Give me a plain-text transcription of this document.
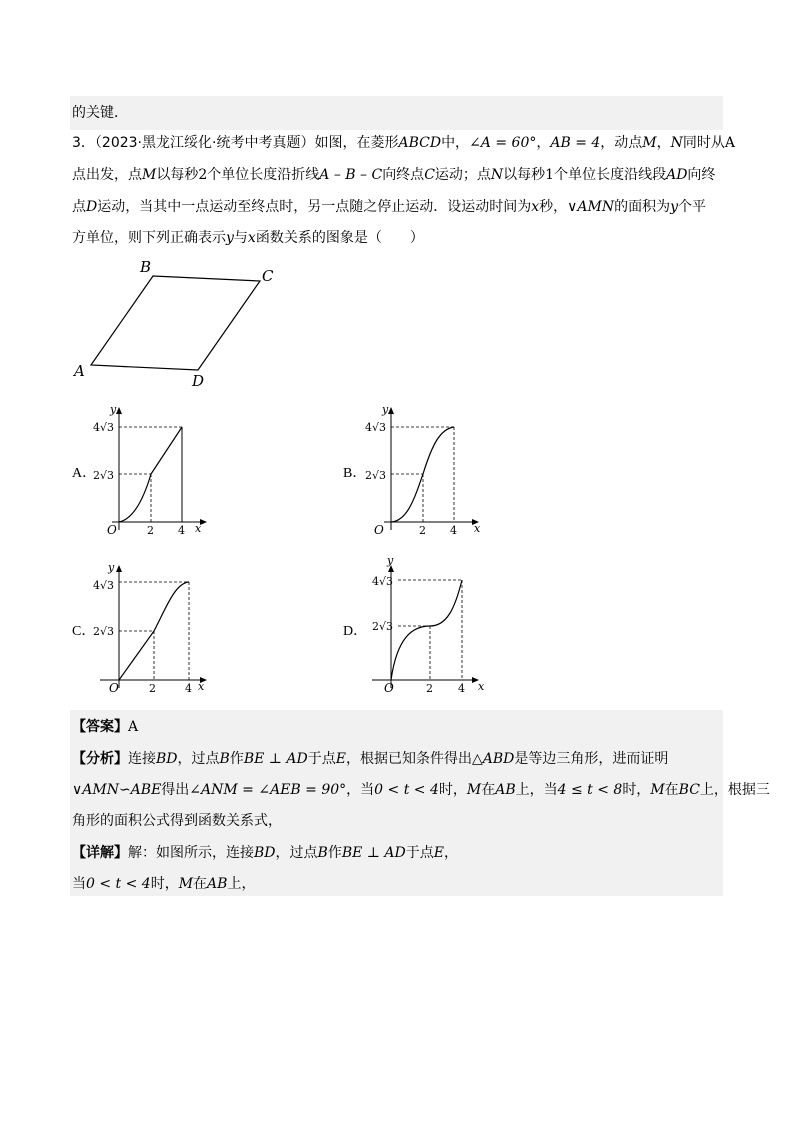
的关键．
3．（2023·黑龙江绥化·统考中考真题）如图，在菱形ABCD中，∠A = 60°，AB = 4，动点M，N同时从A
点出发，点M以每秒2个单位长度沿折线A – B – C向终点C运动；点N以每秒1个单位长度沿线段AD向终
点D运动，当其中一点运动至终点时，另一点随之停止运动．设运动时间为x秒，∨AMN的面积为y个平
方单位，则下列正确表示y与x函数关系的图象是（　　）
B	C
A
D
A．	B．
C．	D．
y
x
O
4√3
2√3
2 4
y
x
O
4√3
2√3
2 4
y
x
O
4√3
2√3
2	4
y
x
O
4√3
2√3
2 4
【答案】A
【分析】连接BD，过点B作BE ⊥ AD于点E，根据已知条件得出△ABD是等边三角形，进而证明
∨AMN∽ABE得出∠ANM = ∠AEB = 90°，当0 < t < 4时，M在AB上，当4 ≤ t < 8时，M在BC上，根据三
角形的面积公式得到函数关系式，
【详解】解：如图所示，连接BD，过点B作BE ⊥ AD于点E，
当0 < t < 4时，M在AB上，
